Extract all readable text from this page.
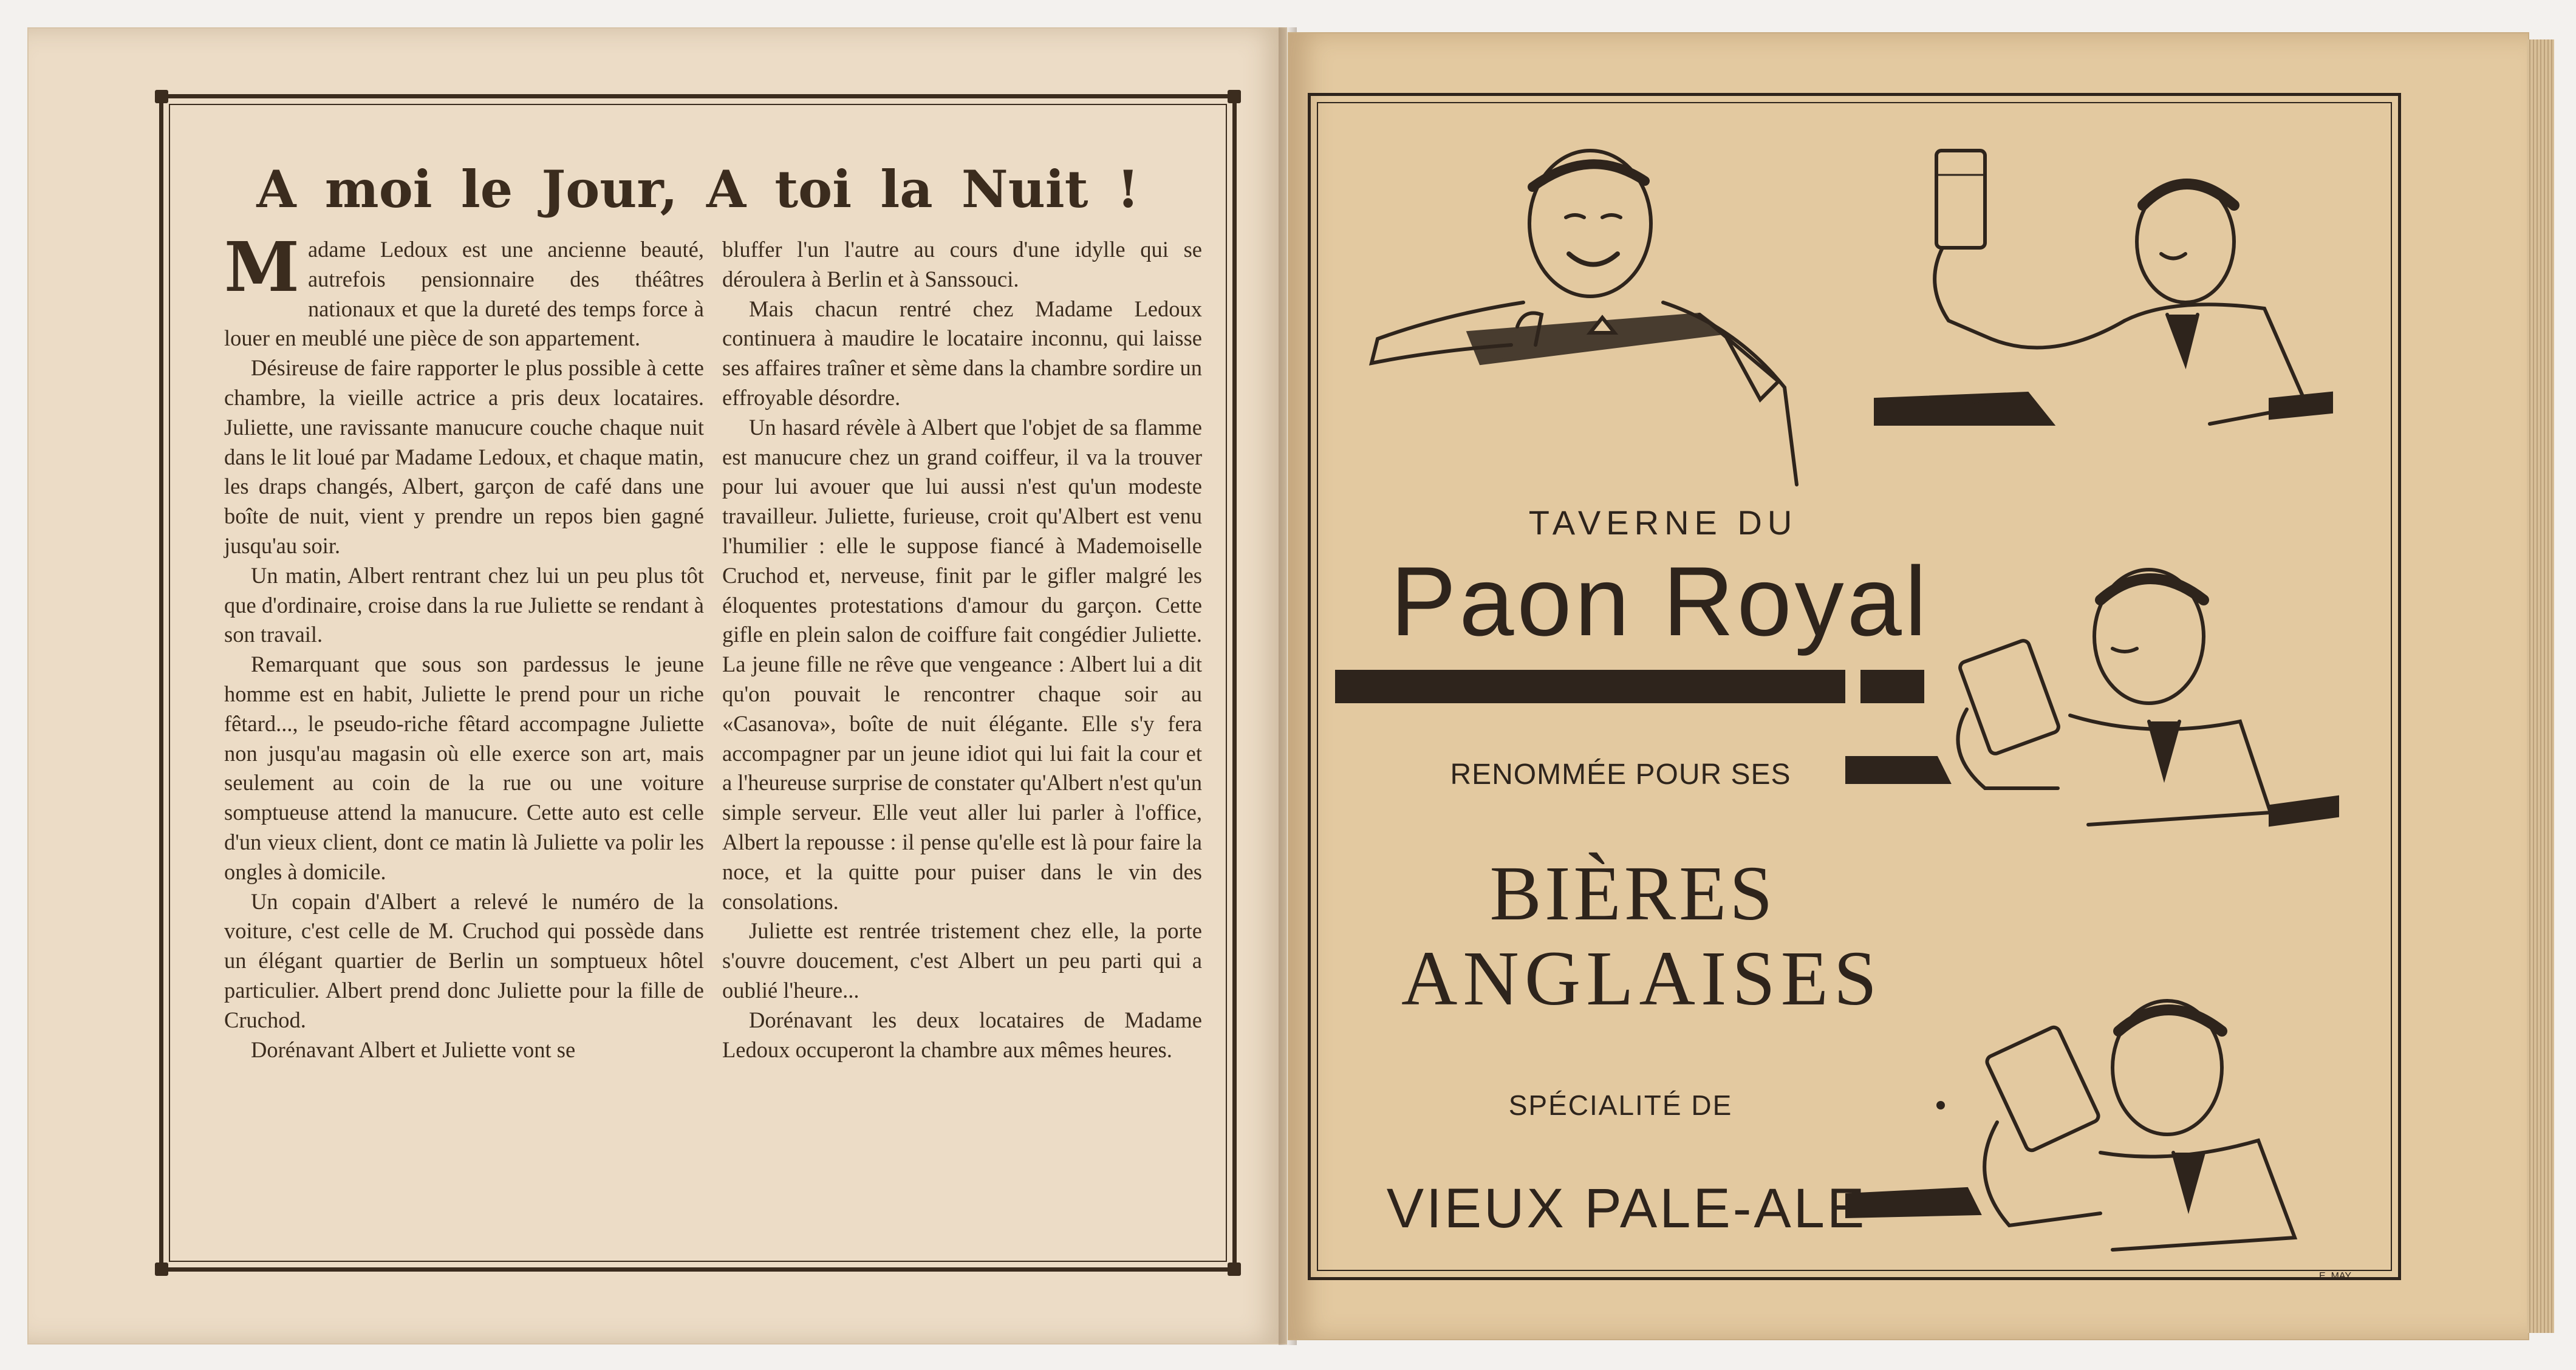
A moi le Jour, A toi la Nuit !

Madame Ledoux est une ancienne beauté, autrefois pensionnaire des théâtres nationaux et que la dureté des temps force à louer en meublé une pièce de son appartement.

Désireuse de faire rapporter le plus possible à cette chambre, la vieille actrice a pris deux locataires. Juliette, une ravissante manucure couche chaque nuit dans le lit loué par Madame Ledoux, et chaque matin, les draps changés, Albert, garçon de café dans une boîte de nuit, vient y prendre un repos bien gagné jusqu'au soir.

Un matin, Albert rentrant chez lui un peu plus tôt que d'ordinaire, croise dans la rue Juliette se rendant à son travail.

Remarquant que sous son pardessus le jeune homme est en habit, Juliette le prend pour un riche fêtard..., le pseudo-riche fêtard accompagne Juliette non jusqu'au magasin où elle exerce son art, mais seulement au coin de la rue ou une voiture somptueuse attend la manucure. Cette auto est celle d'un vieux client, dont ce matin là Juliette va polir les ongles à domicile.

Un copain d'Albert a relevé le numéro de la voiture, c'est celle de M. Cruchod qui possède dans un élégant quartier de Berlin un somptueux hôtel particulier. Albert prend donc Juliette pour la fille de Cruchod.

Dorénavant Albert et Juliette vont se

bluffer l'un l'autre au cours d'une idylle qui se déroulera à Berlin et à Sanssouci.

Mais chacun rentré chez Madame Ledoux continuera à maudire le locataire inconnu, qui laisse ses affaires traîner et sème dans la chambre sordire un effroyable désordre.

Un hasard révèle à Albert que l'objet de sa flamme est manucure chez un grand coiffeur, il va la trouver pour lui avouer que lui aussi n'est qu'un modeste travailleur. Juliette, furieuse, croit qu'Albert est venu l'humilier : elle le suppose fiancé à Mademoiselle Cruchod et, nerveuse, finit par le gifler malgré les éloquentes protestations d'amour du garçon. Cette gifle en plein salon de coiffure fait congédier Juliette. La jeune fille ne rêve que vengeance : Albert lui a dit qu'on pouvait le rencontrer chaque soir au «Casanova», boîte de nuit élégante. Elle s'y fera accompagner par un jeune idiot qui lui fait la cour et a l'heureuse surprise de constater qu'Albert n'est qu'un simple serveur. Elle veut aller lui parler à l'office, Albert la repousse : il pense qu'elle est là pour faire la noce, et la quitte pour puiser dans le vin des consolations.

Juliette est rentrée tristement chez elle, la porte s'ouvre doucement, c'est Albert un peu parti qui a oublié l'heure...

Dorénavant les deux locataires de Madame Ledoux occuperont la chambre aux mêmes heures.

TAVERNE DU

Paon Royal

RENOMMÉE POUR SES

BIÈRES

ANGLAISES

SPÉCIALITÉ DE

VIEUX PALE-ALE

E. MAY
E. MAY
